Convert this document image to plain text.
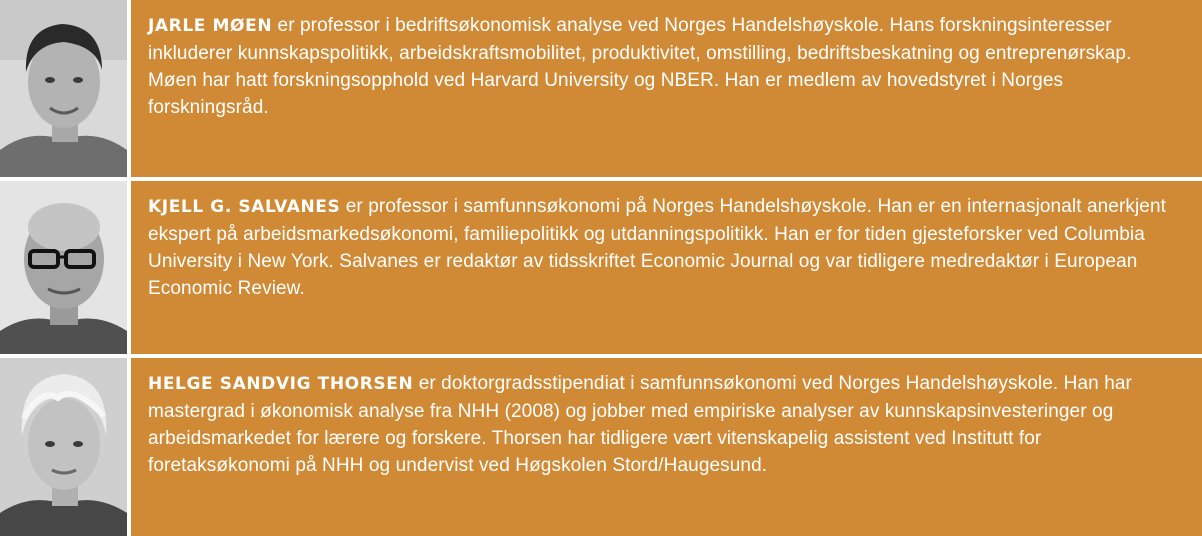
JARLE MØEN er professor i bedriftsøkonomisk analyse ved Norges Handelshøyskole. Hans forskningsinteresser inkluderer kunnskapspolitikk, arbeidskraftsmobilitet, produktivitet, omstilling, bedriftsbeskatning og entreprenørskap. Møen har hatt forskningsopphold ved Harvard University og NBER. Han er medlem av hovedstyret i Norges forskningsråd.

KJELL G. SALVANES er professor i samfunnsøkonomi på Norges Handelshøyskole. Han er en internasjonalt anerkjent ekspert på arbeidsmarkedsøkonomi, familiepolitikk og utdanningspolitikk. Han er for tiden gjesteforsker ved Columbia University i New York. Salvanes er redaktør av tidsskriftet Economic Journal og var tidligere medredaktør i European Economic Review.

HELGE SANDVIG THORSEN er doktorgradsstipendiat i samfunnsøkonomi ved Norges Handelshøyskole. Han har mastergrad i økonomisk analyse fra NHH (2008) og jobber med empiriske analyser av kunnskapsinvesteringer og arbeidsmarkedet for lærere og forskere. Thorsen har tidligere vært vitenskapelig assistent ved Institutt for foretaksøkonomi på NHH og undervist ved Høgskolen Stord/Haugesund.
